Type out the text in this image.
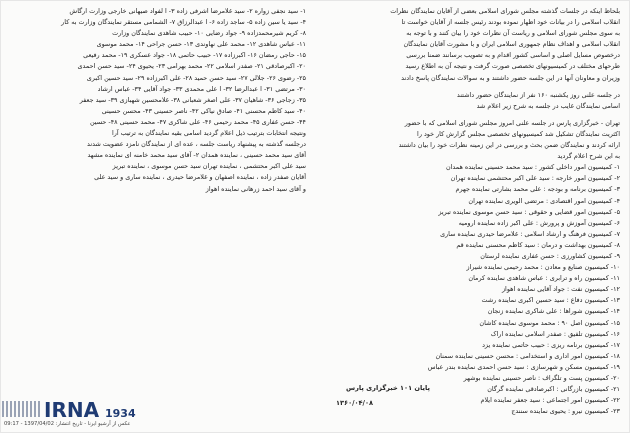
۱- سید نجفی زواره ۲- سید غلامرضا اشرفی زاده ۳- ا لفواد صیهانی خارجی وزارت ارگاش
۴- سید یا سین زاده ۵- ساجد زاده ۶- ا عبدالرزاق ۷- الشمامی مستقر نمایندگان وزارت به کار
۸- کریم شیرمحمدزاده ۹- جواد رضایی ۱۰- حبیب شاهدی نمایندگان وزارت
۱۱- عباس شاهدی ۱۲- محمد علی نهاوندی ۱۳- حسن جراحی ۱۴- محمد موسوی
۱۵- حاجی رمضان ۱۶- اکبرزاده ۱۷- حبیب حاتمی ۱۸- جواد عسکری ۱۹- محمد رفیعی
۲۰- اکبرصادقی ۲۱- صفدر اسلامی ۲۲- محمد بهرامی ۲۳- یحیوی ۲۴- سید حسن احمدی
۲۵- رضوی ۲۶- جلالی ۲۷- سید حسن حمید ۲۸- علی اکبرزاده ۲۹- سید حسین اکبری
۳۰- مرتضی ۳۱- ا عبدالرضا ۳۲- ا علی محمدی ۳۳- جواد آقایی ۳۴- عباس ارشاد
۳۵- زجاجی ۳۶- شاهیان ۳۷- علی اصغر شعبانی ۳۸- غلامحسین شهبازی ۳۹- سید جعفر
۴۰- سید کاظم محسنی ۴۱- صادق نیاکی ۴۲- ناصر حسینی ۴۳- محسن حسینی
۴۴- حسن غفاری ۴۵- محمد رحیمی ۴۶- علی شاکری ۴۷- محمد حسینی ۴۸- حسین
ونتیجه انتخابات بترتیب ذیل اعلام گردید اسامی بقیه نمایندگان به ترتیب آرا
درجلسه گذشته به پیشنهاد ریاست جلسه ، عده ای از نمایندگان نامزد عضویت شدند
آقای سید محمد حسینی ، نماینده همدان ۲- آقای سید محمد خامنه ای نماینده مشهد
سید علی اکبر محتشمی ، نماینده تهران سید حسن موسوی ، نماینده تبریز
آقایان صفدر زاده ، نماینده اصفهان و غلامرضا حیدری ، نماینده ساری و سید علی
و آقای سید احمد زرهانی نماینده اهواز
بلحاظ اینکه در جلسات گذشته مجلس شورای اسلامی بعضی از آقایان نمایندگان نظرات
انقلاب اسلامی را در بیانات خود اظهار نموده بودند رئیس جلسه از آقایان خواست تا
به سوی مجلس شورای اسلامی و ریاست آن نظرات خود را بیان کنند و با توجه به
انقلاب اسلامی و اهداف نظام جمهوری اسلامی ایران و با مشورت آقایان نمایندگان
درخصوص مسایل اصلی و اساسی کشور اقدام و به تصویب برسانند ضمنا بررسی
طرحهای مختلف در کمیسیونهای تخصصی صورت گرفت و نتیجه آن به اطلاع رسید
وزیران و معاونان آنها در این جلسه حضور داشتند و به سوالات نمایندگان پاسخ دادند
در جلسه علنی روز یکشنبه ۱۶۰ نفر از نمایندگان حضور داشتند
اسامی نمایندگان غایب در جلسه به شرح زیر اعلام شد
تهران - خبرگزاری پارس در جلسه علنی امروز مجلس شورای اسلامی که با حضور
اکثریت نمایندگان تشکیل شد کمیسیونهای تخصصی مجلس گزارش کار خود را
ارائه کردند و نمایندگان ضمن بحث و بررسی در این زمینه نظرات خود را بیان داشتند
به این شرح اعلام گردید
۱- کمیسیون امور داخلی کشور : سید محمد حسینی نماینده همدان
۲- کمیسیون امور خارجه : سید علی اکبر محتشمی نماینده تهران
۳- کمیسیون برنامه و بودجه : علی محمد بشارتی نماینده جهرم
۴- کمیسیون امور اقتصادی : مرتضی الویری نماینده تهران
۵- کمیسیون امور قضایی و حقوقی : سید حسن موسوی نماینده تبریز
۶- کمیسیون آموزش و پرورش : علی اکبر زاده نماینده ارومیه
۷- کمیسیون فرهنگ و ارشاد اسلامی : غلامرضا حیدری نماینده ساری
۸- کمیسیون بهداشت و درمان : سید کاظم محسنی نماینده قم
۹- کمیسیون کشاورزی : حسن غفاری نماینده لرستان
۱۰- کمیسیون صنایع و معادن : محمد رحیمی نماینده شیراز
۱۱- کمیسیون راه و ترابری : عباس شاهدی نماینده کرمان
۱۲- کمیسیون نفت : جواد آقایی نماینده اهواز
۱۳- کمیسیون دفاع : سید حسین اکبری نماینده رشت
۱۴- کمیسیون شوراها : علی شاکری نماینده زنجان
۱۵- کمیسیون اصل ۹۰ : محمد موسوی نماینده کاشان
۱۶- کمیسیون تلفیق : صفدر اسلامی نماینده اراک
۱۷- کمیسیون برنامه ریزی : حبیب حاتمی نماینده یزد
۱۸- کمیسیون امور اداری و استخدامی : محسن حسینی نماینده سمنان
۱۹- کمیسیون مسکن و شهرسازی : سید حسن احمدی نماینده بندر عباس
۲۰- کمیسیون پست و تلگراف : ناصر حسینی نماینده بوشهر
۲۱- کمیسیون بازرگانی : اکبرصادقی نماینده گرگان
۲۲- کمیسیون امور اجتماعی : سید جعفر نماینده ایلام
۲۳- کمیسیون نیرو : یحیوی نماینده سنندج
پایان ۱۰۱ خبرگزاری پارس
۱۳۶۰/۰۴/۰۸
IRNA 1934
عکس از آرشیو ایرنا - تاریخ انتشار: 1397/04/02 - 09:17
